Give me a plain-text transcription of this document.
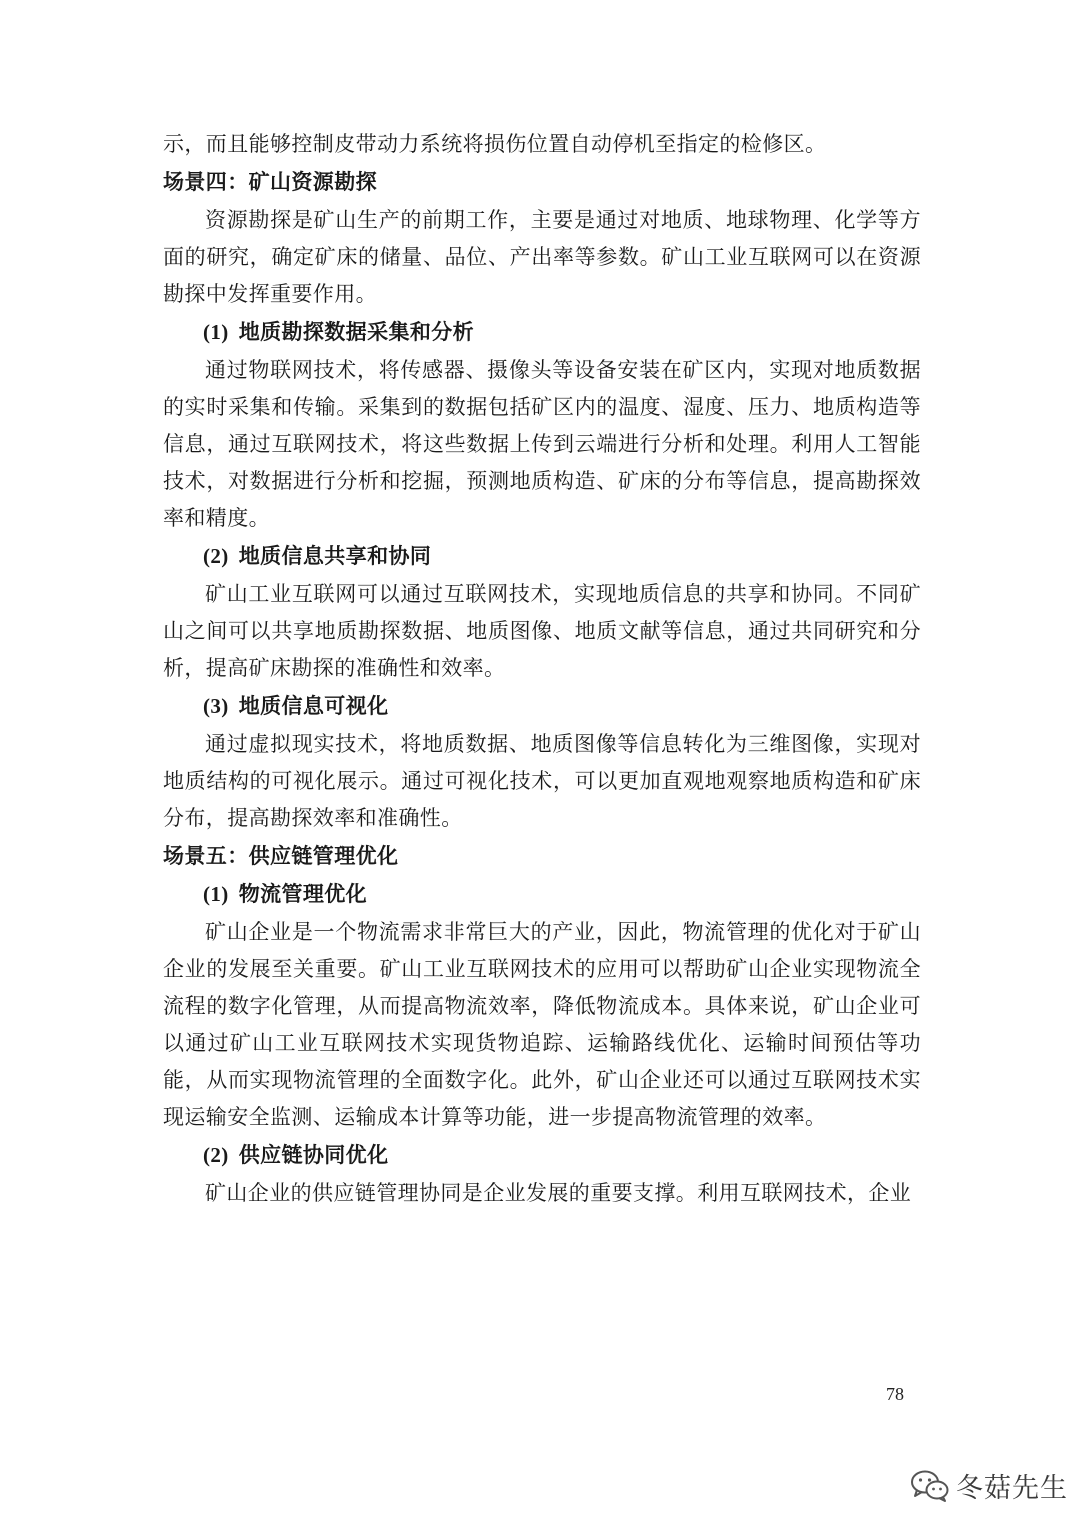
示，而且能够控制皮带动力系统将损伤位置自动停机至指定的检修区。

场景四：矿山资源勘探

资源勘探是矿山生产的前期工作，主要是通过对地质、地球物理、化学等方面的研究，确定矿床的储量、品位、产出率等参数。矿山工业互联网可以在资源勘探中发挥重要作用。

(1) 地质勘探数据采集和分析

通过物联网技术，将传感器、摄像头等设备安装在矿区内，实现对地质数据的实时采集和传输。采集到的数据包括矿区内的温度、湿度、压力、地质构造等信息，通过互联网技术，将这些数据上传到云端进行分析和处理。利用人工智能技术，对数据进行分析和挖掘，预测地质构造、矿床的分布等信息，提高勘探效率和精度。

(2) 地质信息共享和协同

矿山工业互联网可以通过互联网技术，实现地质信息的共享和协同。不同矿山之间可以共享地质勘探数据、地质图像、地质文献等信息，通过共同研究和分析，提高矿床勘探的准确性和效率。

(3) 地质信息可视化

通过虚拟现实技术，将地质数据、地质图像等信息转化为三维图像，实现对地质结构的可视化展示。通过可视化技术，可以更加直观地观察地质构造和矿床分布，提高勘探效率和准确性。

场景五：供应链管理优化
(1) 物流管理优化

矿山企业是一个物流需求非常巨大的产业，因此，物流管理的优化对于矿山企业的发展至关重要。矿山工业互联网技术的应用可以帮助矿山企业实现物流全流程的数字化管理，从而提高物流效率，降低物流成本。具体来说，矿山企业可以通过矿山工业互联网技术实现货物追踪、运输路线优化、运输时间预估等功能，从而实现物流管理的全面数字化。此外，矿山企业还可以通过互联网技术实现运输安全监测、运输成本计算等功能，进一步提高物流管理的效率。

(2) 供应链协同优化

矿山企业的供应链管理协同是企业发展的重要支撑。利用互联网技术，企业

78
冬菇先生
